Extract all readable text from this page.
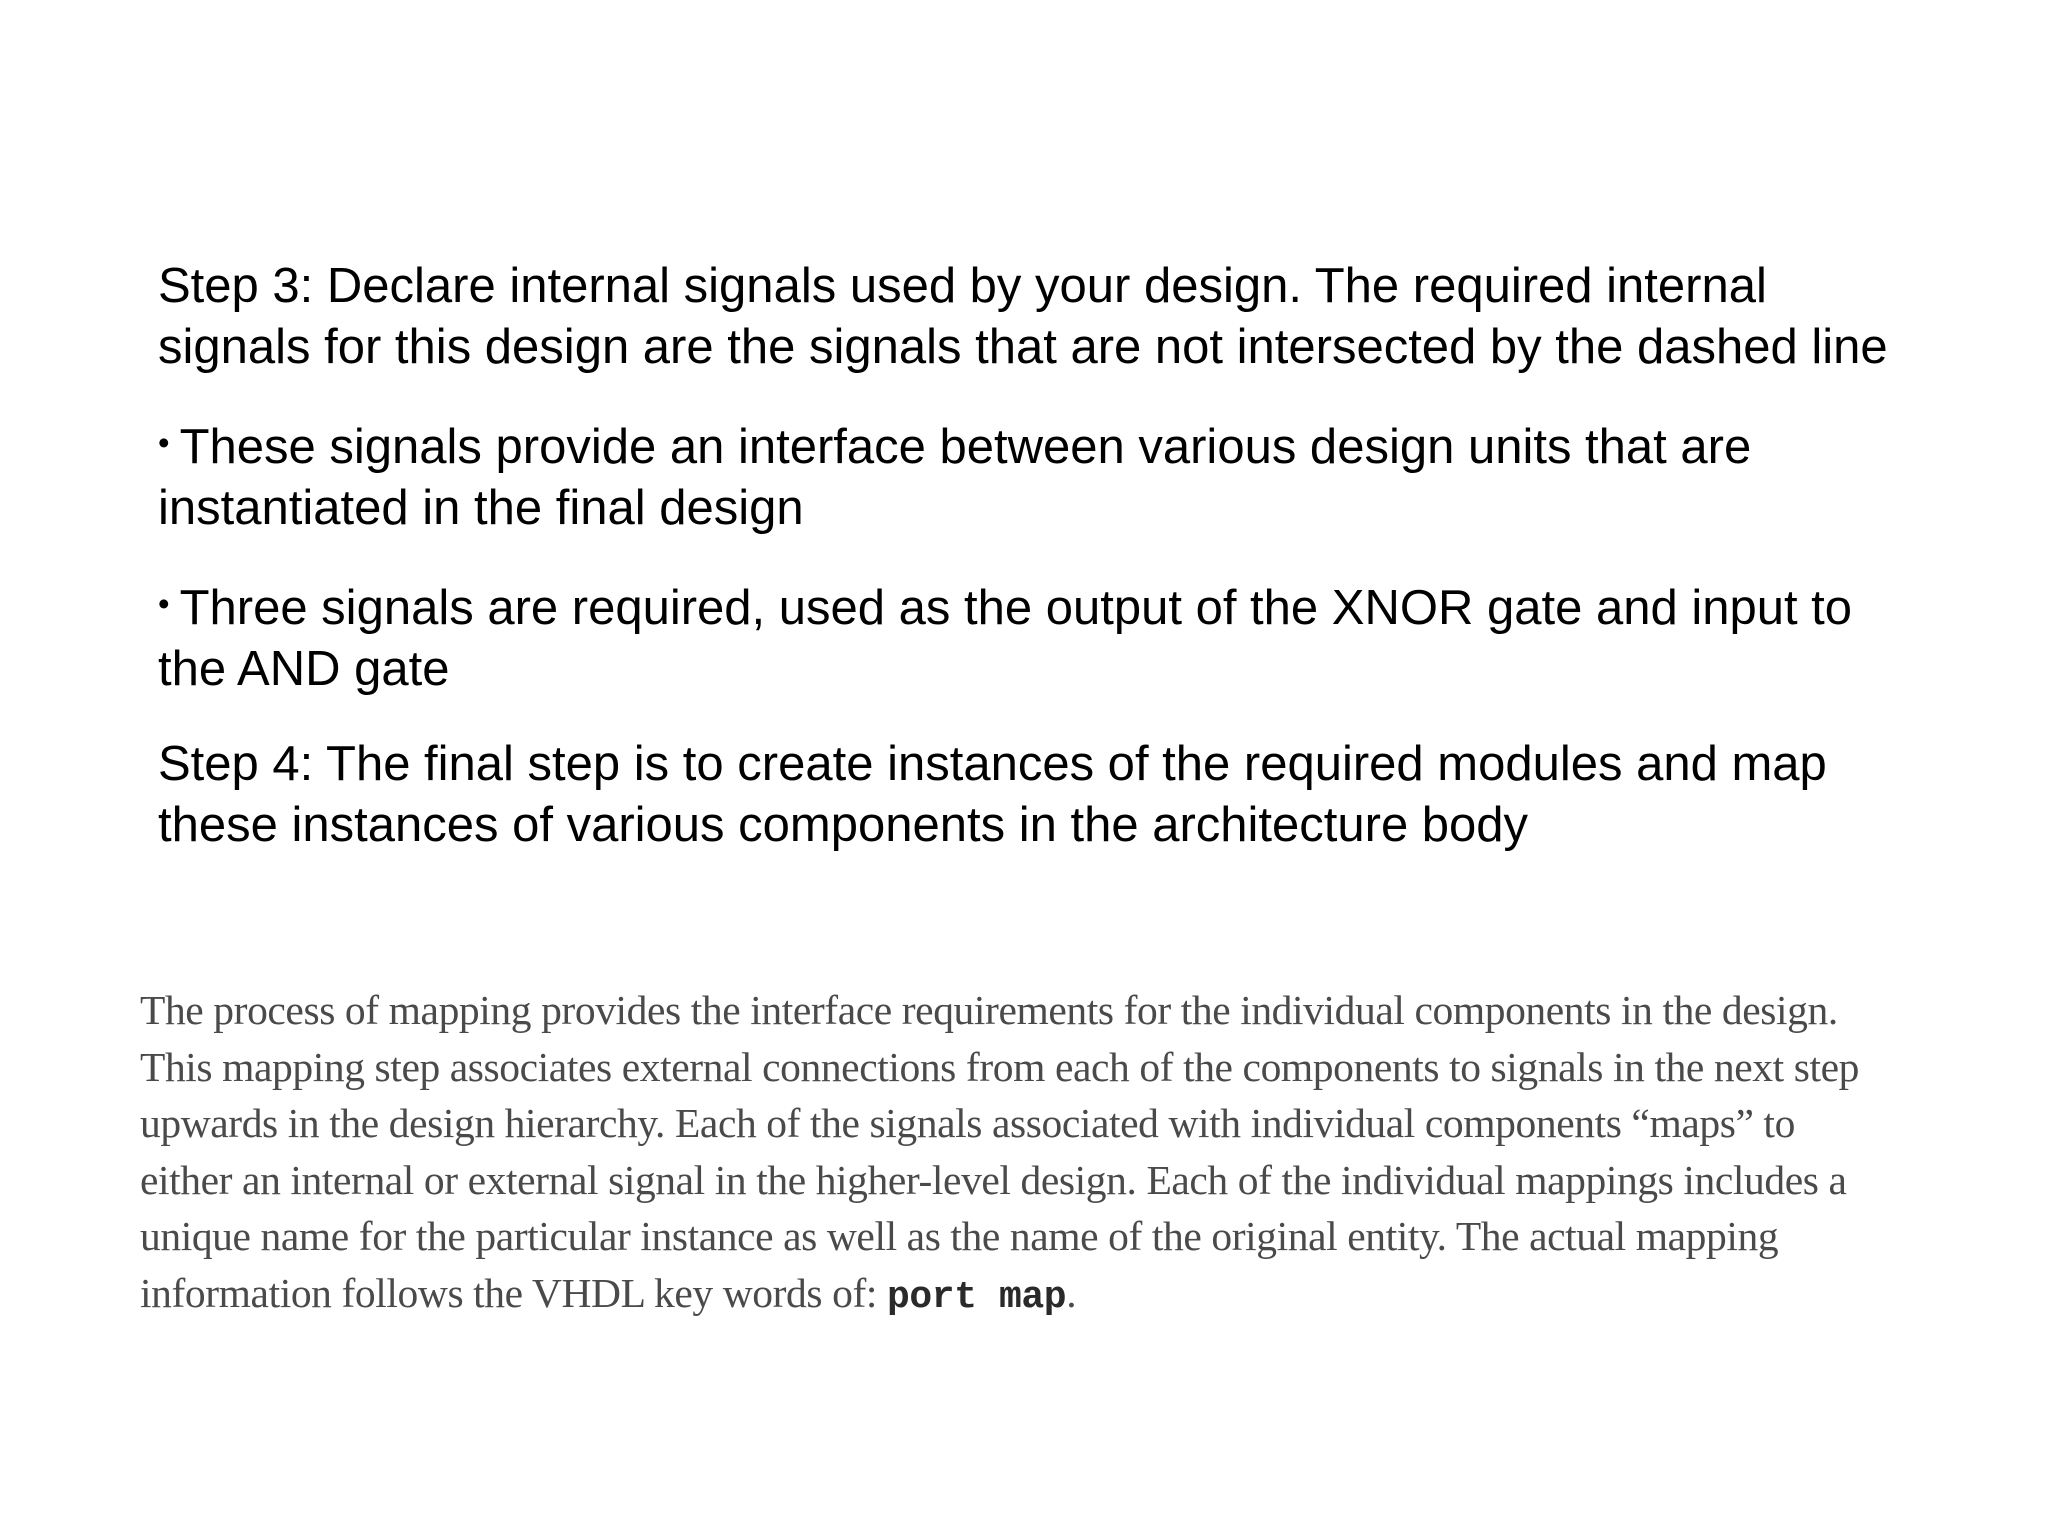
Step 3: Declare internal signals used by your design. The required internal signals for this design are the signals that are not intersected by the dashed line

• These signals provide an interface between various design units that are instantiated in the final design

• Three signals are required, used as the output of the XNOR gate and input to the AND gate

Step 4: The final step is to create instances of the required modules and map these instances of various components in the architecture body

The process of mapping provides the interface requirements for the individual components in the design. This mapping step associates external connections from each of the components to signals in the next step upwards in the design hierarchy. Each of the signals associated with individual components “maps” to either an internal or external signal in the higher-level design. Each of the individual mappings includes a unique name for the particular instance as well as the name of the original entity. The actual mapping information follows the VHDL key words of: port map.
